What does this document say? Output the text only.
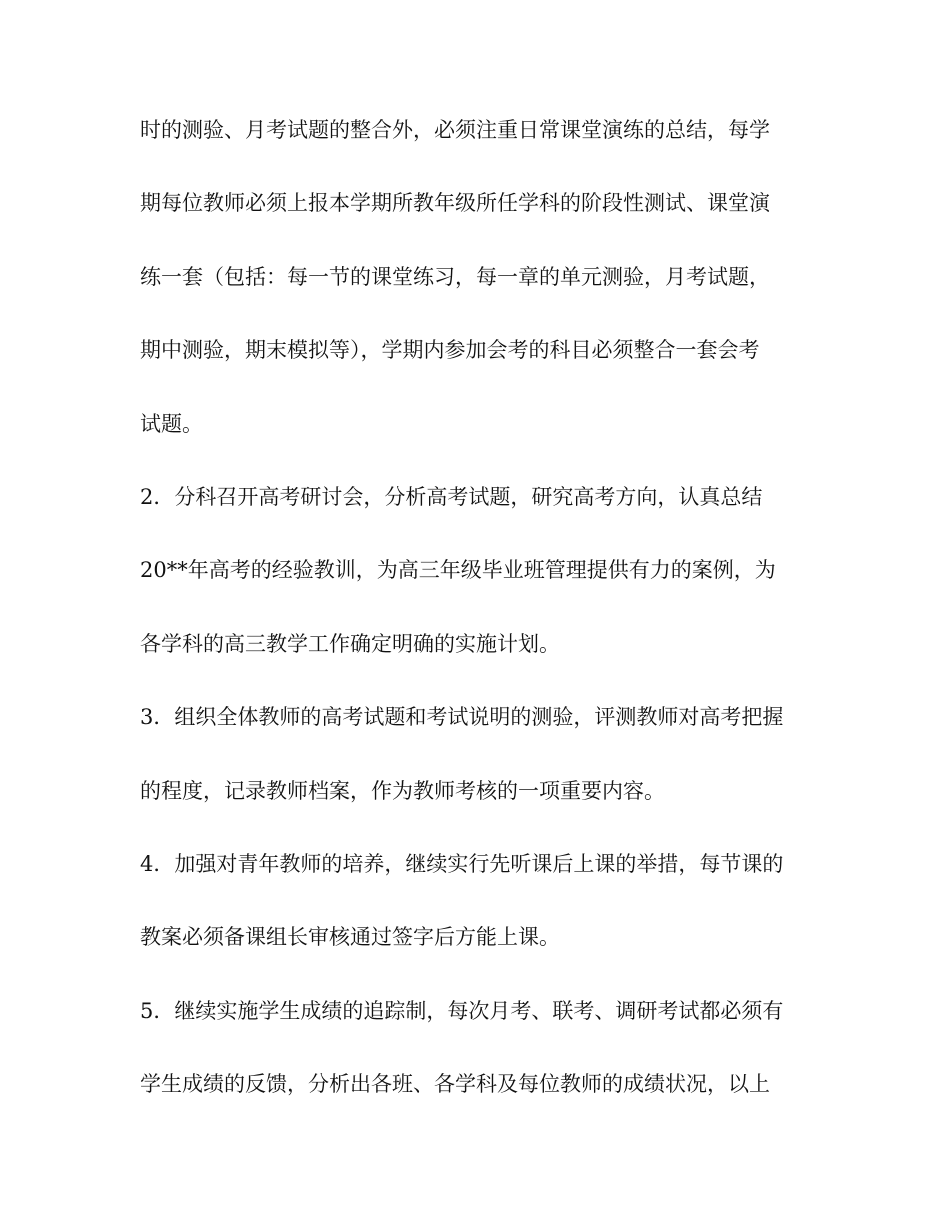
时的测验、月考试题的整合外，必须注重日常课堂演练的总结，每学
期每位教师必须上报本学期所教年级所任学科的阶段性测试、课堂演
练一套（包括：每一节的课堂练习，每一章的单元测验，月考试题，
期中测验，期末模拟等），学期内参加会考的科目必须整合一套会考
试题。
2．分科召开高考研讨会，分析高考试题，研究高考方向，认真总结
20**年高考的经验教训，为高三年级毕业班管理提供有力的案例，为
各学科的高三教学工作确定明确的实施计划。
3．组织全体教师的高考试题和考试说明的测验，评测教师对高考把握
的程度，记录教师档案，作为教师考核的一项重要内容。
4．加强对青年教师的培养，继续实行先听课后上课的举措，每节课的
教案必须备课组长审核通过签字后方能上课。
5．继续实施学生成绩的追踪制，每次月考、联考、调研考试都必须有
学生成绩的反馈，分析出各班、各学科及每位教师的成绩状况，以上
